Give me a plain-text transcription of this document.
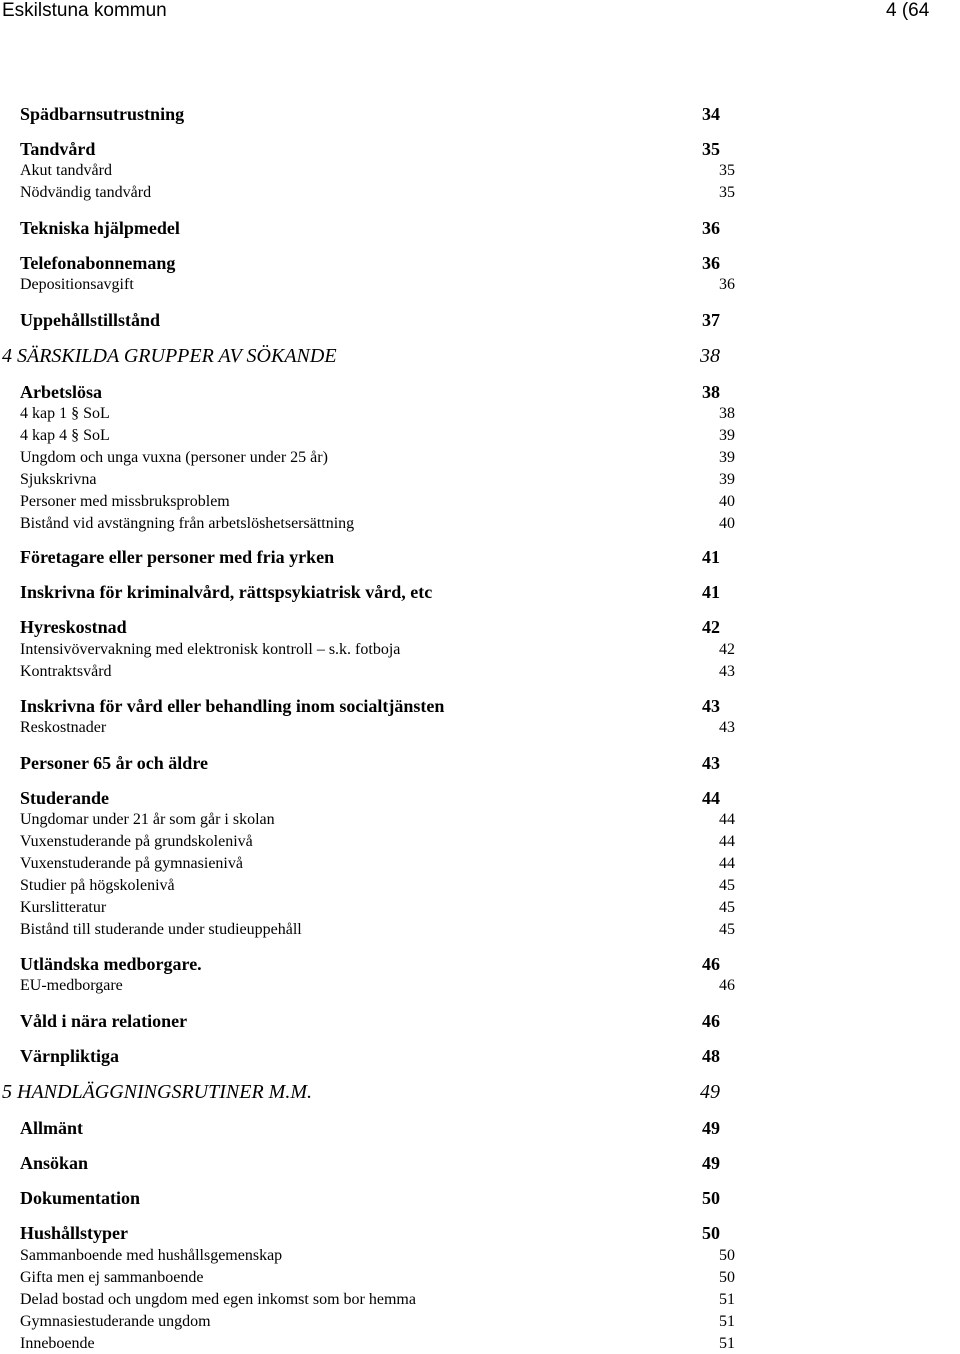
Eskilstuna kommun	4 (64
Spädbarnsutrustning	34
Tandvård	35
Akut tandvård	35
Nödvändig tandvård	35
Tekniska hjälpmedel	36
Telefonabonnemang	36
Depositionsavgift	36
Uppehållstillstånd	37
4 SÄRSKILDA GRUPPER AV SÖKANDE	38
Arbetslösa	38
4 kap 1 § SoL	38
4 kap 4 § SoL	39
Ungdom och unga vuxna (personer under 25 år)	39
Sjukskrivna	39
Personer med missbruksproblem	40
Bistånd vid avstängning från arbetslöshetsersättning	40
Företagare eller personer med fria yrken	41
Inskrivna för kriminalvård, rättspsykiatrisk vård, etc	41
Hyreskostnad	42
Intensivövervakning med elektronisk kontroll – s.k. fotboja	42
Kontraktsvård	43
Inskrivna för vård eller behandling inom socialtjänsten	43
Reskostnader	43
Personer 65 år och äldre	43
Studerande	44
Ungdomar under 21 år som går i skolan	44
Vuxenstuderande på grundskolenivå	44
Vuxenstuderande på gymnasienivå	44
Studier på högskolenivå	45
Kurslitteratur	45
Bistånd till studerande under studieuppehåll	45
Utländska medborgare.	46
EU-medborgare	46
Våld i nära relationer	46
Värnpliktiga	48
5 HANDLÄGGNINGSRUTINER M.M.	49
Allmänt	49
Ansökan	49
Dokumentation	50
Hushållstyper	50
Sammanboende med hushållsgemenskap	50
Gifta men ej sammanboende	50
Delad bostad och ungdom med egen inkomst som bor hemma	51
Gymnasiestuderande ungdom	51
Inneboende	51
